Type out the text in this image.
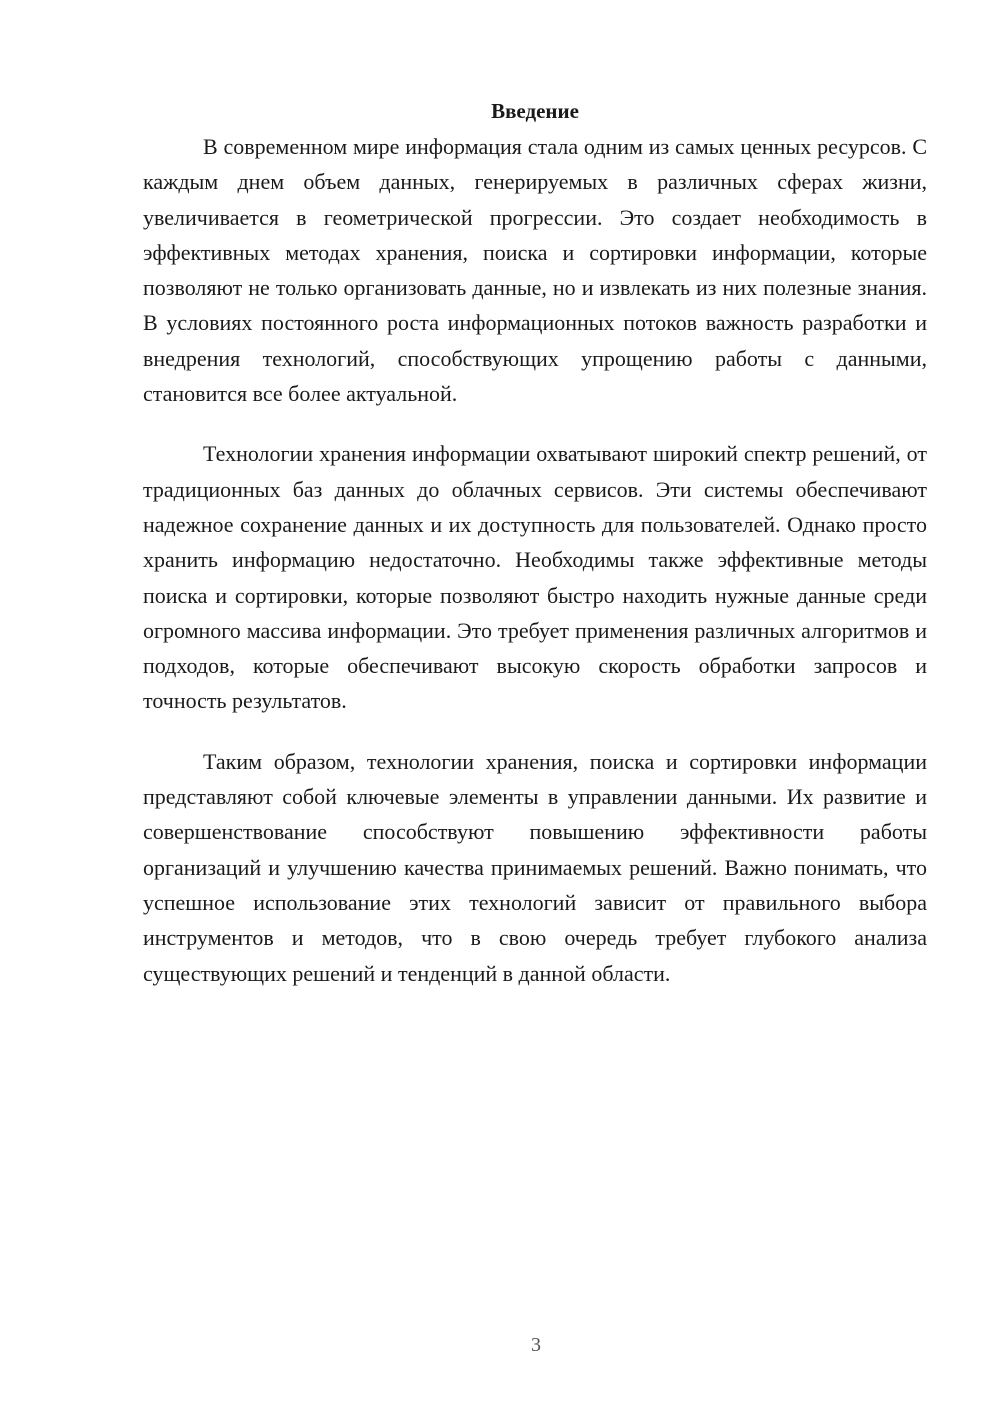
Введение

В современном мире информация стала одним из самых ценных ресурсов. С каждым днем объем данных, генерируемых в различных сферах жизни, увеличивается в геометрической прогрессии. Это создает необходимость в эффективных методах хранения, поиска и сортировки информации, которые позволяют не только организовать данные, но и извлекать из них полезные знания. В условиях постоянного роста информационных потоков важность разработки и внедрения технологий, способствующих упрощению работы с данными, становится все более актуальной.

Технологии хранения информации охватывают широкий спектр решений, от традиционных баз данных до облачных сервисов. Эти системы обеспечивают надежное сохранение данных и их доступность для пользователей. Однако просто хранить информацию недостаточно. Необходимы также эффективные методы поиска и сортировки, которые позволяют быстро находить нужные данные среди огромного массива информации. Это требует применения различных алгоритмов и подходов, которые обеспечивают высокую скорость обработки запросов и точность результатов.

Таким образом, технологии хранения, поиска и сортировки информации представляют собой ключевые элементы в управлении данными. Их развитие и совершенствование способствуют повышению эффективности работы организаций и улучшению качества принимаемых решений. Важно понимать, что успешное использование этих технологий зависит от правильного выбора инструментов и методов, что в свою очередь требует глубокого анализа существующих решений и тенденций в данной области.

3
